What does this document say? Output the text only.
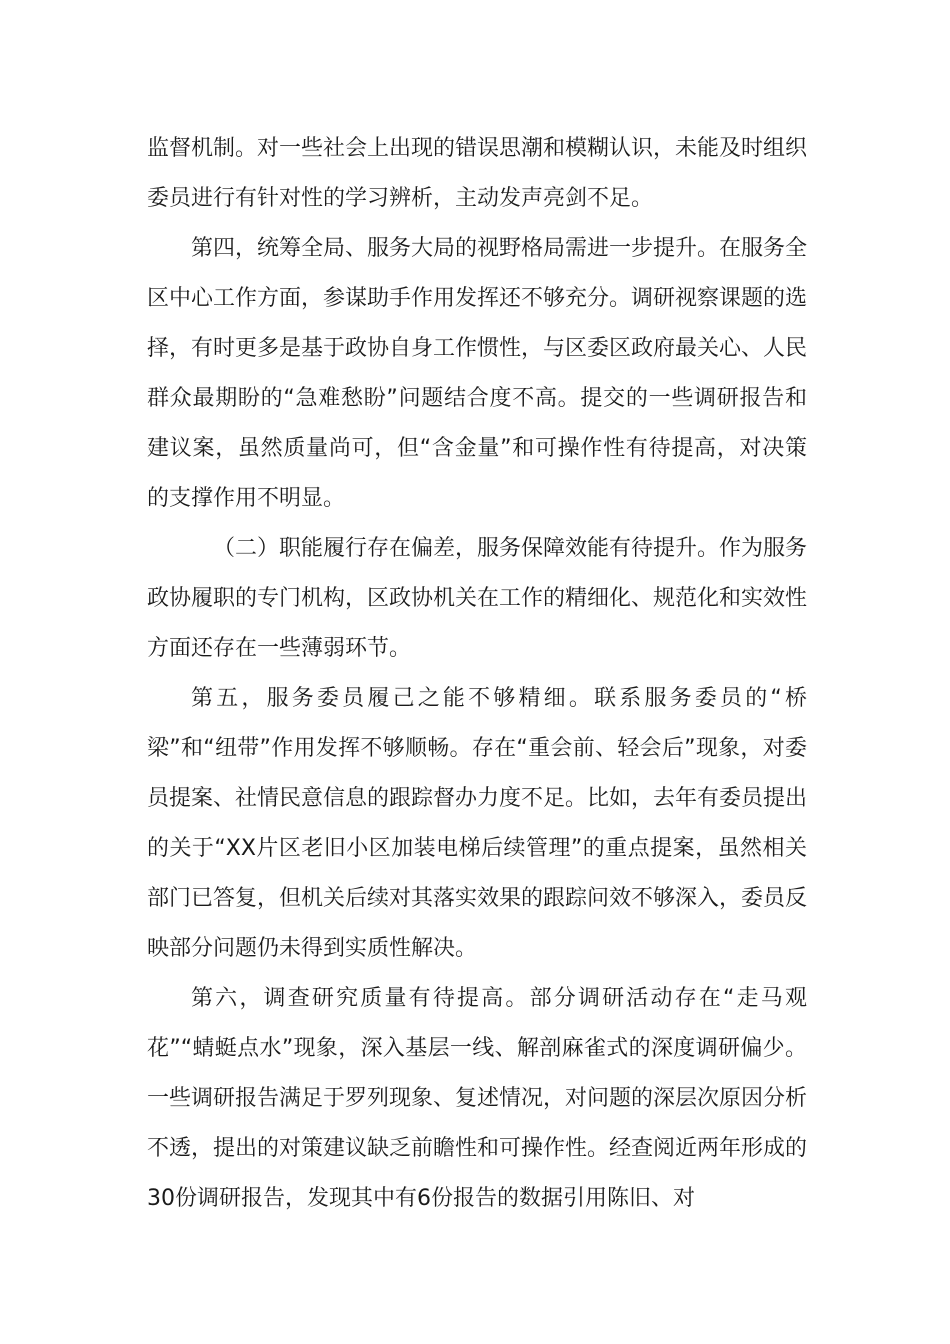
监督机制。对一些社会上出现的错误思潮和模糊认识，未能及时组织委员进行有针对性的学习辨析，主动发声亮剑不足。

第四，统筹全局、服务大局的视野格局需进一步提升。在服务全区中心工作方面，参谋助手作用发挥还不够充分。调研视察课题的选择，有时更多是基于政协自身工作惯性，与区委区政府最关心、人民群众最期盼的“急难愁盼”问题结合度不高。提交的一些调研报告和建议案，虽然质量尚可，但“含金量”和可操作性有待提高，对决策的支撑作用不明显。

（二）职能履行存在偏差，服务保障效能有待提升。作为服务政协履职的专门机构，区政协机关在工作的精细化、规范化和实效性方面还存在一些薄弱环节。

第五，服务委员履己之能不够精细。联系服务委员的“桥梁”和“纽带”作用发挥不够顺畅。存在“重会前、轻会后”现象，对委员提案、社情民意信息的跟踪督办力度不足。比如，去年有委员提出的关于“XX片区老旧小区加装电梯后续管理”的重点提案，虽然相关部门已答复，但机关后续对其落实效果的跟踪问效不够深入，委员反映部分问题仍未得到实质性解决。

第六，调查研究质量有待提高。部分调研活动存在“走马观花”“蜻蜓点水”现象，深入基层一线、解剖麻雀式的深度调研偏少。一些调研报告满足于罗列现象、复述情况，对问题的深层次原因分析不透，提出的对策建议缺乏前瞻性和可操作性。经查阅近两年形成的30份调研报告，发现其中有6份报告的数据引用陈旧、对
